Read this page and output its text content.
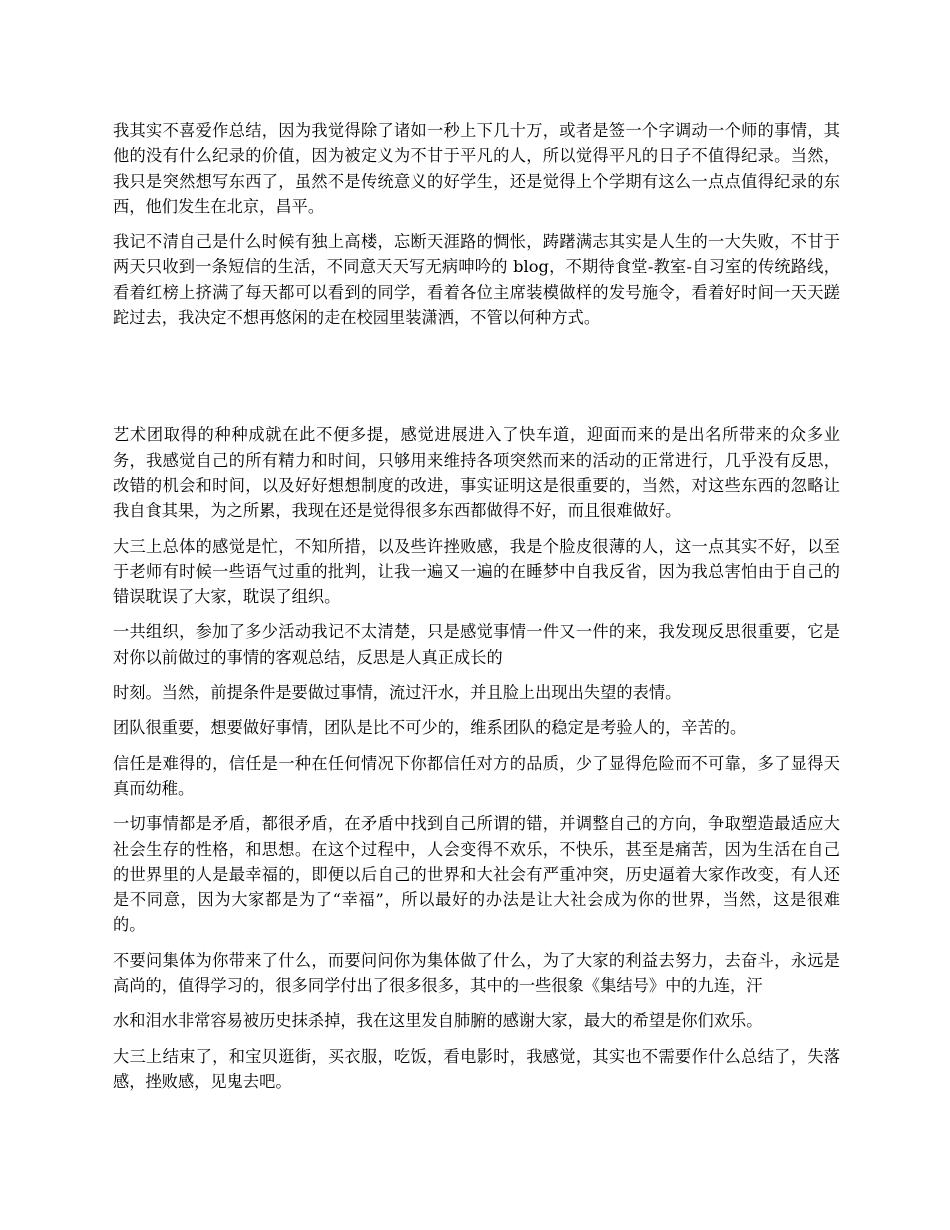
我其实不喜爱作总结，因为我觉得除了诸如一秒上下几十万，或者是签一个字调动一个师的事情，其他的没有什么纪录的价值，因为被定义为不甘于平凡的人，所以觉得平凡的日子不值得纪录。当然，我只是突然想写东西了，虽然不是传统意义的好学生，还是觉得上个学期有这么一点点值得纪录的东西，他们发生在北京，昌平。

我记不清自己是什么时候有独上高楼，忘断天涯路的惆怅，踌躇满志其实是人生的一大失败，不甘于两天只收到一条短信的生活，不同意天天写无病呻吟的 blog，不期待食堂-教室-自习室的传统路线，看着红榜上挤满了每天都可以看到的同学，看着各位主席装模做样的发号施令，看着好时间一天天蹉跎过去，我决定不想再悠闲的走在校园里装潇洒，不管以何种方式。

艺术团取得的种种成就在此不便多提，感觉进展进入了快车道，迎面而来的是出名所带来的众多业务，我感觉自己的所有精力和时间，只够用来维持各项突然而来的活动的正常进行，几乎没有反思，改错的机会和时间，以及好好想想制度的改进，事实证明这是很重要的，当然，对这些东西的忽略让我自食其果，为之所累，我现在还是觉得很多东西都做得不好，而且很难做好。

大三上总体的感觉是忙，不知所措，以及些许挫败感，我是个脸皮很薄的人，这一点其实不好，以至于老师有时候一些语气过重的批判，让我一遍又一遍的在睡梦中自我反省，因为我总害怕由于自己的错误耽误了大家，耽误了组织。

一共组织，参加了多少活动我记不太清楚，只是感觉事情一件又一件的来，我发现反思很重要，它是对你以前做过的事情的客观总结，反思是人真正成长的

时刻。当然，前提条件是要做过事情，流过汗水，并且脸上出现出失望的表情。

团队很重要，想要做好事情，团队是比不可少的，维系团队的稳定是考验人的，辛苦的。

信任是难得的，信任是一种在任何情况下你都信任对方的品质，少了显得危险而不可靠，多了显得天真而幼稚。

一切事情都是矛盾，都很矛盾，在矛盾中找到自己所谓的错，并调整自己的方向，争取塑造最适应大社会生存的性格，和思想。在这个过程中，人会变得不欢乐，不快乐，甚至是痛苦，因为生活在自己的世界里的人是最幸福的，即便以后自己的世界和大社会有严重冲突，历史逼着大家作改变，有人还是不同意，因为大家都是为了“幸福”，所以最好的办法是让大社会成为你的世界，当然，这是很难的。

不要问集体为你带来了什么，而要问问你为集体做了什么，为了大家的利益去努力，去奋斗，永远是高尚的，值得学习的，很多同学付出了很多很多，其中的一些很象《集结号》中的九连，汗

水和泪水非常容易被历史抹杀掉，我在这里发自肺腑的感谢大家，最大的希望是你们欢乐。

大三上结束了，和宝贝逛街，买衣服，吃饭，看电影时，我感觉，其实也不需要作什么总结了，失落感，挫败感，见鬼去吧。
